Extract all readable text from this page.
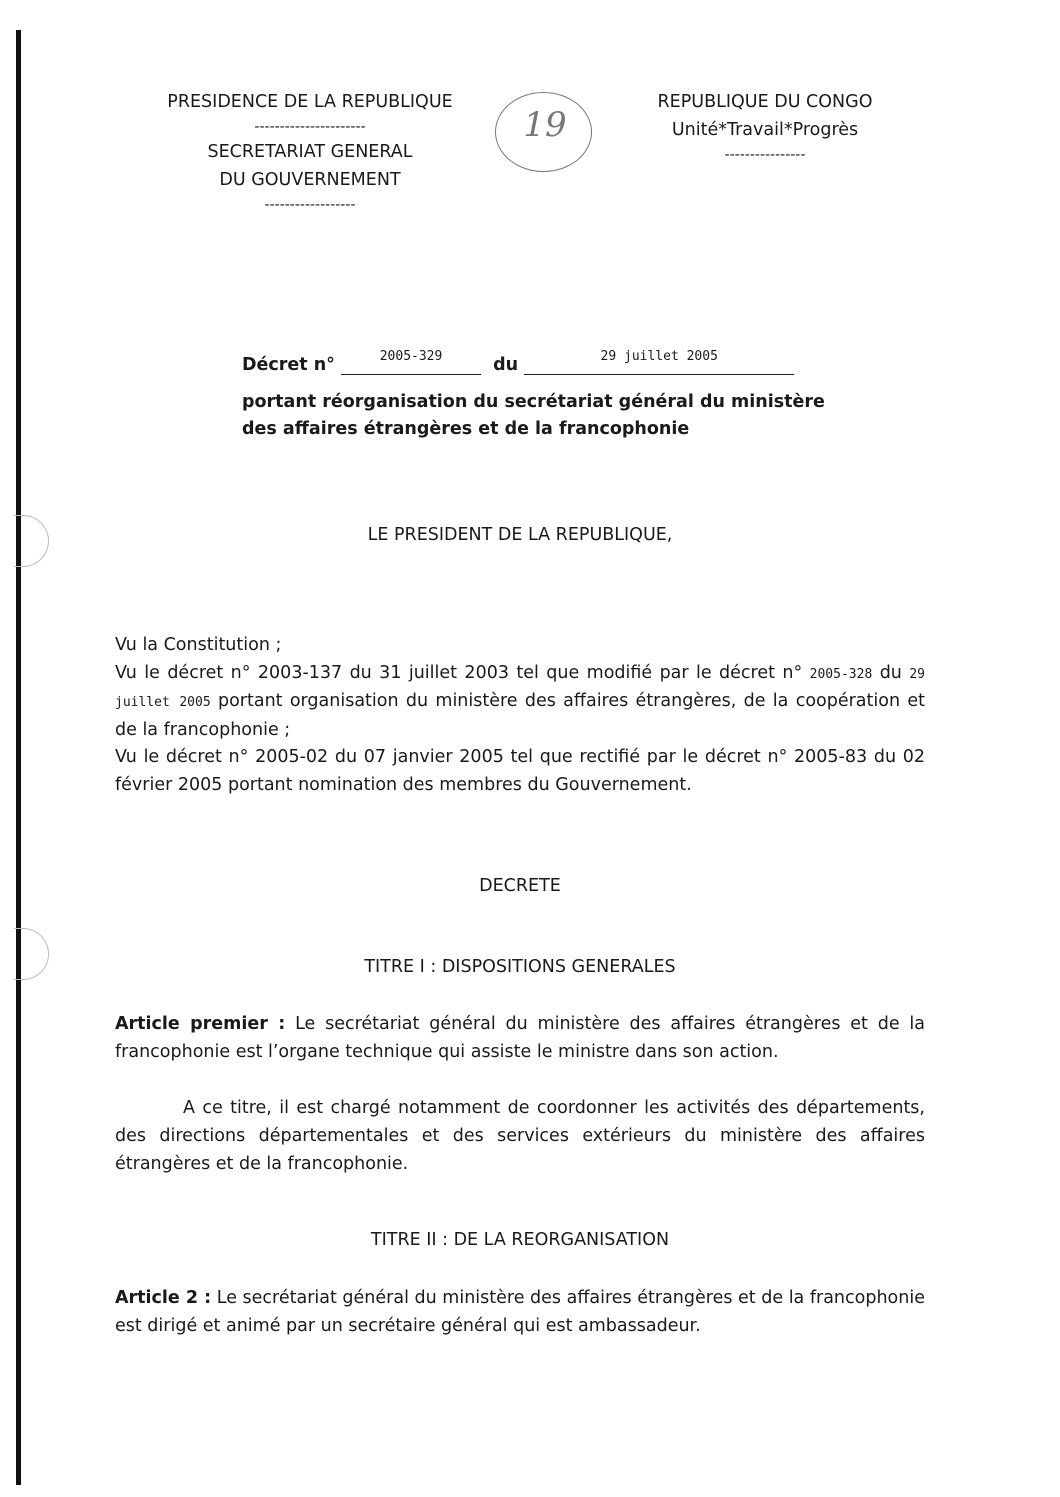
PRESIDENCE DE LA REPUBLIQUE
----------------------
SECRETARIAT GENERAL
DU GOUVERNEMENT
------------------
19
REPUBLIQUE DU CONGO
Unité*Travail*Progrès
----------------
Décret n°	2005-329	du	29 juillet 2005
portant réorganisation du secrétariat général du ministère
des affaires étrangères et de la francophonie
LE PRESIDENT DE LA REPUBLIQUE,

Vu la Constitution ;

Vu le décret n° 2003-137 du 31 juillet 2003 tel que modifié par le décret n° 2005-328 du 29 juillet 2005 portant organisation du ministère des affaires étrangères, de la coopération et de la francophonie ;

Vu le décret n° 2005-02 du 07 janvier 2005 tel que rectifié par le décret n° 2005-83 du 02 février 2005 portant nomination des membres du Gouvernement.

DECRETE
TITRE I : DISPOSITIONS GENERALES

Article premier : Le secrétariat général du ministère des affaires étrangères et de la francophonie est l’organe technique qui assiste le ministre dans son action.

A ce titre, il est chargé notamment de coordonner les activités des départements, des directions départementales et des services extérieurs du ministère des affaires étrangères et de la francophonie.

TITRE II : DE LA REORGANISATION

Article 2 : Le secrétariat général du ministère des affaires étrangères et de la francophonie est dirigé et animé par un secrétaire général qui est ambassadeur.
